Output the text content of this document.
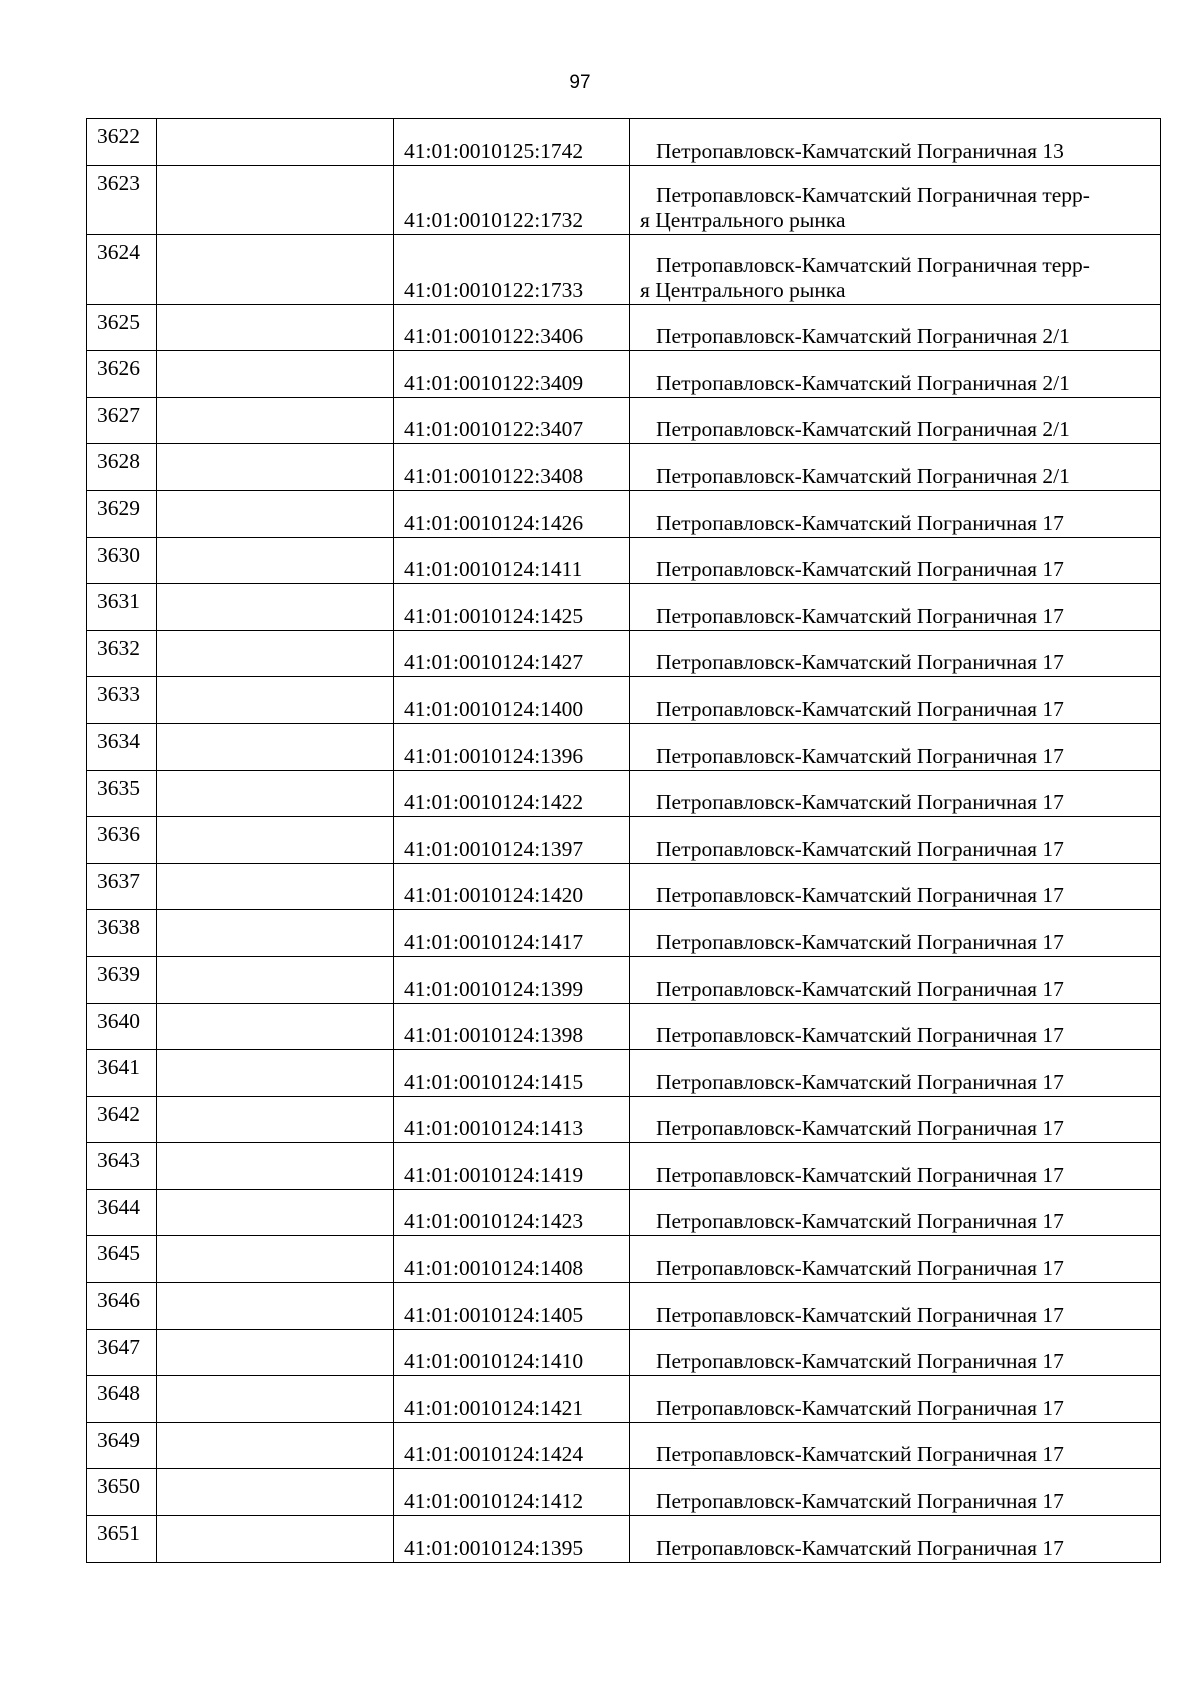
97
3622		41:01:0010125:1742	Петропавловск-Камчатский Пограничная 13

3623		41:01:0010122:1732	Петропавловск-Камчатский Пограничная терр-
я Центрального рынка

3624		41:01:0010122:1733	Петропавловск-Камчатский Пограничная терр-
я Центрального рынка

3625		41:01:0010122:3406	Петропавловск-Камчатский Пограничная 2/1

3626		41:01:0010122:3409	Петропавловск-Камчатский Пограничная 2/1

3627		41:01:0010122:3407	Петропавловск-Камчатский Пограничная 2/1

3628		41:01:0010122:3408	Петропавловск-Камчатский Пограничная 2/1

3629		41:01:0010124:1426	Петропавловск-Камчатский Пограничная 17

3630		41:01:0010124:1411	Петропавловск-Камчатский Пограничная 17

3631		41:01:0010124:1425	Петропавловск-Камчатский Пограничная 17

3632		41:01:0010124:1427	Петропавловск-Камчатский Пограничная 17

3633		41:01:0010124:1400	Петропавловск-Камчатский Пограничная 17

3634		41:01:0010124:1396	Петропавловск-Камчатский Пограничная 17

3635		41:01:0010124:1422	Петропавловск-Камчатский Пограничная 17

3636		41:01:0010124:1397	Петропавловск-Камчатский Пограничная 17

3637		41:01:0010124:1420	Петропавловск-Камчатский Пограничная 17

3638		41:01:0010124:1417	Петропавловск-Камчатский Пограничная 17

3639		41:01:0010124:1399	Петропавловск-Камчатский Пограничная 17

3640		41:01:0010124:1398	Петропавловск-Камчатский Пограничная 17

3641		41:01:0010124:1415	Петропавловск-Камчатский Пограничная 17

3642		41:01:0010124:1413	Петропавловск-Камчатский Пограничная 17

3643		41:01:0010124:1419	Петропавловск-Камчатский Пограничная 17

3644		41:01:0010124:1423	Петропавловск-Камчатский Пограничная 17

3645		41:01:0010124:1408	Петропавловск-Камчатский Пограничная 17

3646		41:01:0010124:1405	Петропавловск-Камчатский Пограничная 17

3647		41:01:0010124:1410	Петропавловск-Камчатский Пограничная 17

3648		41:01:0010124:1421	Петропавловск-Камчатский Пограничная 17

3649		41:01:0010124:1424	Петропавловск-Камчатский Пограничная 17

3650		41:01:0010124:1412	Петропавловск-Камчатский Пограничная 17

3651		41:01:0010124:1395	Петропавловск-Камчатский Пограничная 17
